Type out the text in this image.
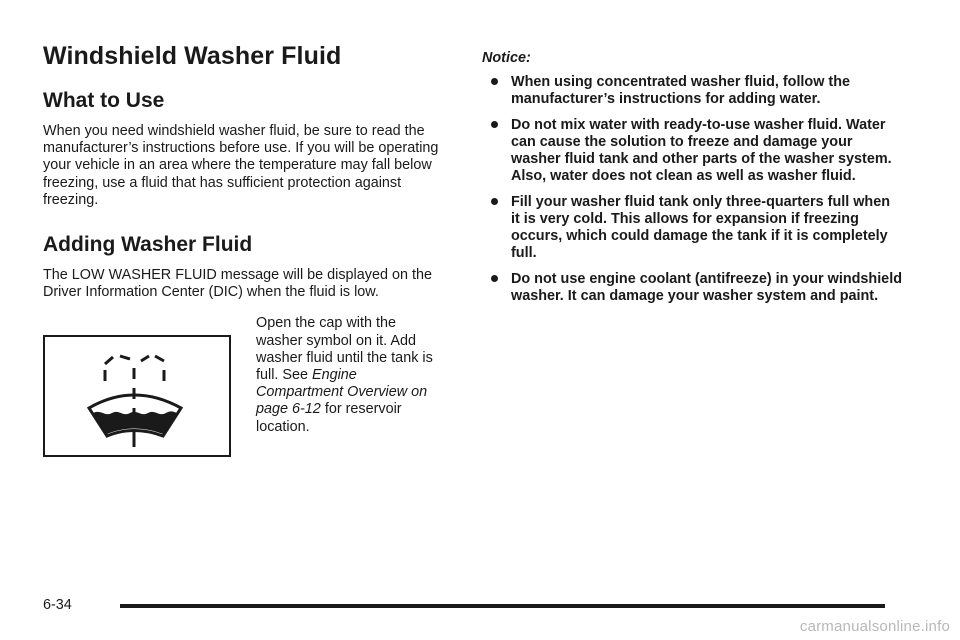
Windshield Washer Fluid
What to Use

When you need windshield washer fluid, be sure to read the manufacturer’s instructions before use. If you will be operating your vehicle in an area where the temperature may fall below freezing, use a fluid that has sufficient protection against freezing.

Adding Washer Fluid

The LOW WASHER FLUID message will be displayed on the Driver Information Center (DIC) when the fluid is low.

Open the cap with the washer symbol on it. Add washer fluid until the tank is full. See Engine Compartment Overview on page 6-12 for reservoir location.

Notice:

When using concentrated washer fluid, follow the manufacturer’s instructions for adding water.
Do not mix water with ready-to-use washer fluid. Water can cause the solution to freeze and damage your washer fluid tank and other parts of the washer system. Also, water does not clean as well as washer fluid.
Fill your washer fluid tank only three-quarters full when it is very cold. This allows for expansion if freezing occurs, which could damage the tank if it is completely full.
Do not use engine coolant (antifreeze) in your windshield washer. It can damage your washer system and paint.
6-34
carmanualsonline.info
